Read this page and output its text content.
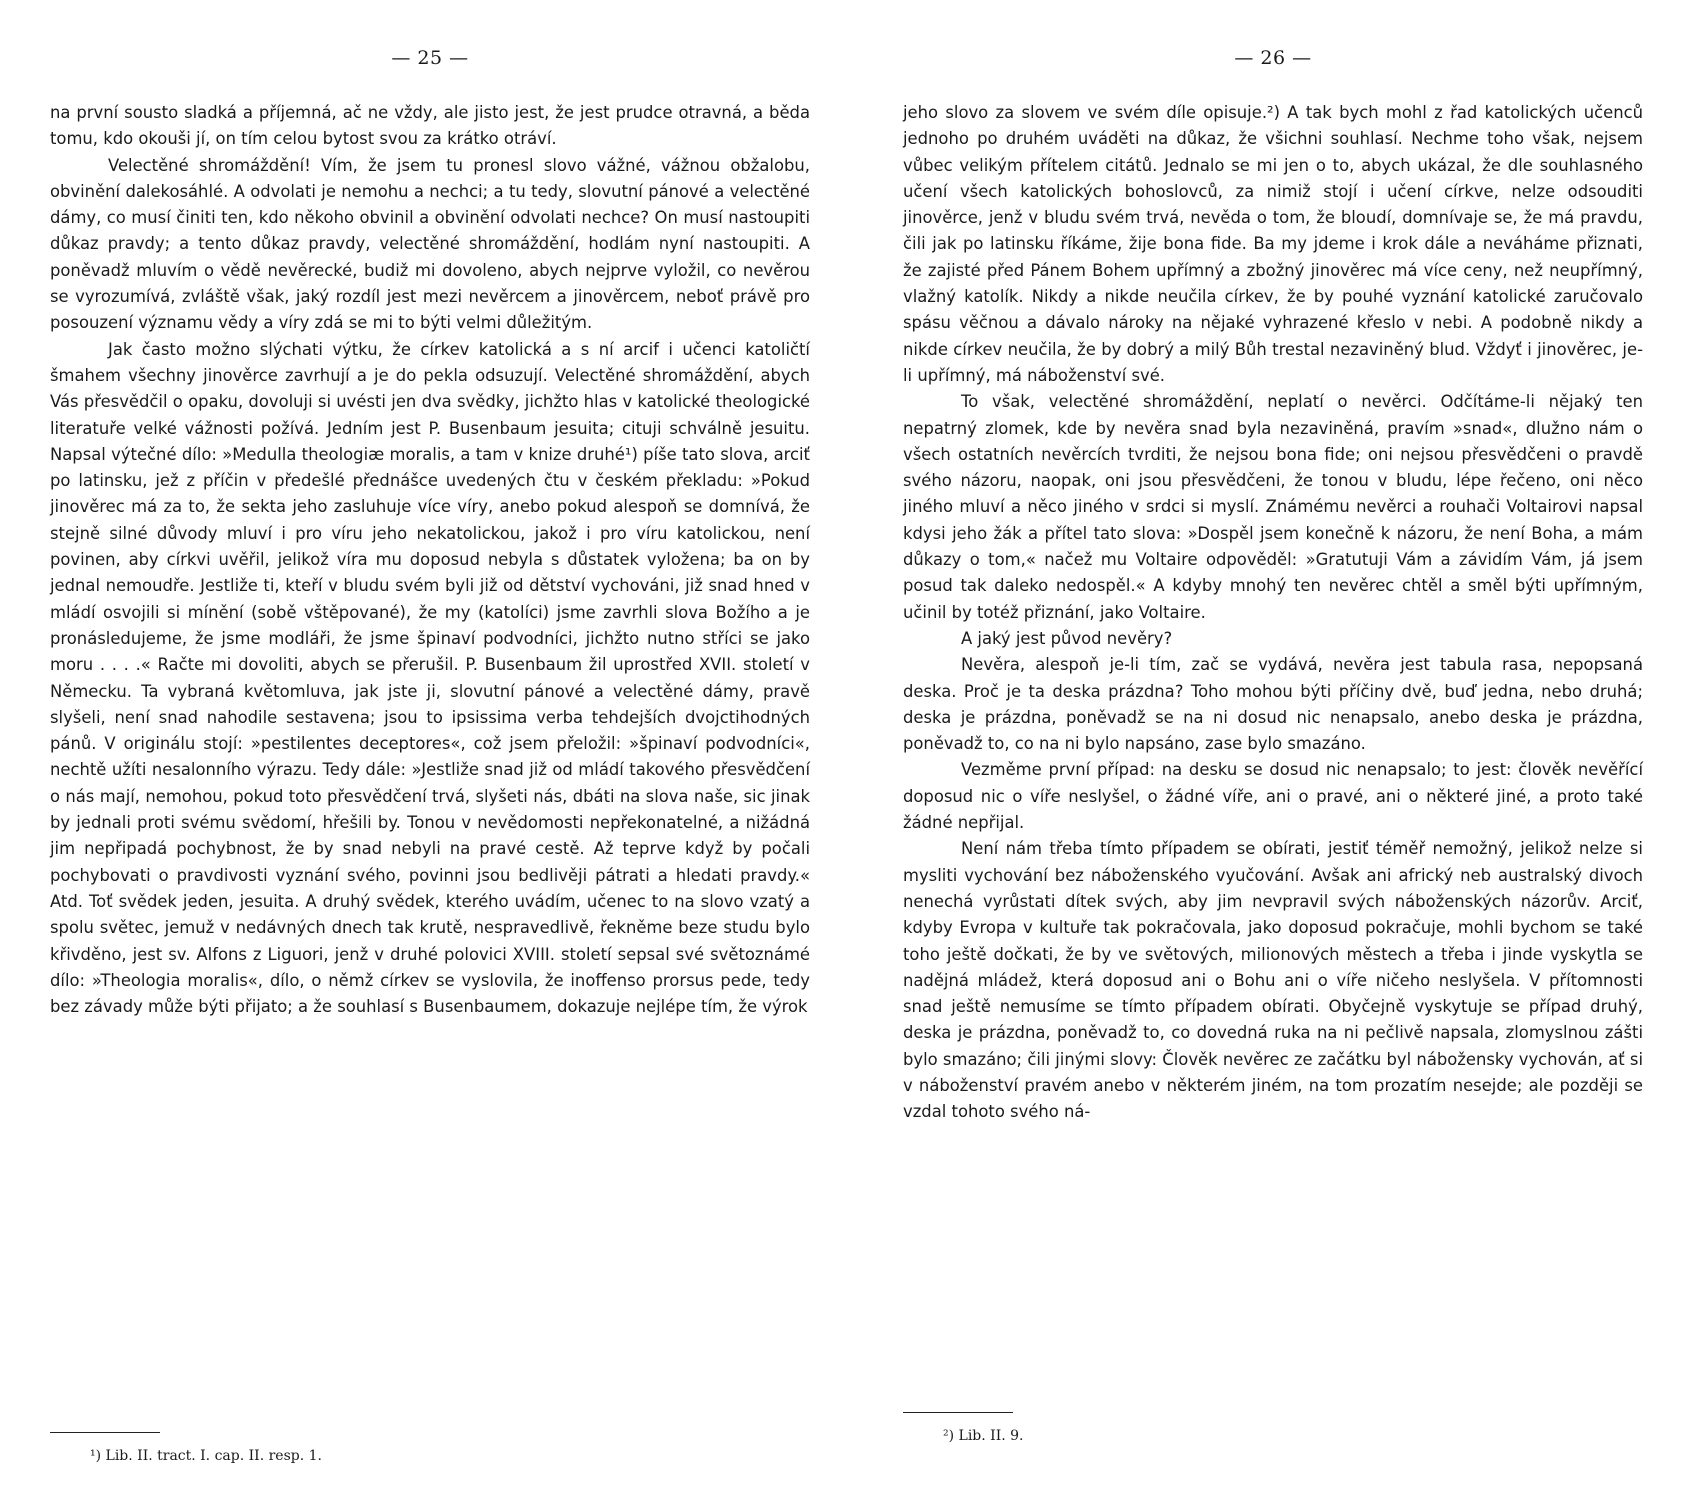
— 25 —

na první sousto sladká a příjemná, ač ne vždy, ale jisto jest, že jest prudce otravná, a běda tomu, kdo okouši jí, on tím celou bytost svou za krátko otráví.

Velectěné shromáždění! Vím, že jsem tu pronesl slovo vážné, vážnou obžalobu, obvinění dalekosáhlé. A odvolati je nemohu a nechci; a tu tedy, slovutní pánové a velectěné dámy, co musí činiti ten, kdo někoho obvinil a obvinění odvolati nechce? On musí nastoupiti důkaz pravdy; a tento důkaz pravdy, velectěné shromáždění, hodlám nyní nastoupiti. A poněvadž mluvím o vědě nevěrecké, budiž mi dovoleno, abych nejprve vyložil, co nevěrou se vyrozumívá, zvláště však, jaký rozdíl jest mezi nevěrcem a jinověrcem, neboť právě pro posouzení významu vědy a víry zdá se mi to býti velmi důležitým.

Jak často možno slýchati výtku, že církev katolická a s ní arcif i učenci katoličtí šmahem všechny jinověrce zavrhují a je do pekla odsuzují. Velectěné shromáždění, abych Vás přesvědčil o opaku, dovoluji si uvésti jen dva svědky, jichžto hlas v katolické theologické literatuře velké vážnosti požívá. Jedním jest P. Busenbaum jesuita; cituji schválně jesuitu. Napsal výtečné dílo: »Medulla theologiæ moralis, a tam v knize druhé¹) píše tato slova, arciť po latinsku, jež z příčin v předešlé přednášce uvedených čtu v českém překladu: »Pokud jinověrec má za to, že sekta jeho zasluhuje více víry, anebo pokud alespoň se domnívá, že stejně silné důvody mluví i pro víru jeho nekatolickou, jakož i pro víru katolickou, není povinen, aby církvi uvěřil, jelikož víra mu doposud nebyla s důstatek vyložena; ba on by jednal nemoudře. Jestliže ti, kteří v bludu svém byli již od dětství vychováni, již snad hned v mládí osvojili si mínění (sobě vštěpované), že my (katolíci) jsme zavrhli slova Božího a je pronásledujeme, že jsme modláři, že jsme špinaví podvodníci, jichžto nutno stříci se jako moru . . . .« Račte mi dovoliti, abych se přerušil. P. Busenbaum žil uprostřed XVII. století v Německu. Ta vybraná květomluva, jak jste ji, slovutní pánové a velectěné dámy, pravě slyšeli, není snad nahodile sestavena; jsou to ipsissima verba tehdejších dvojctihodných pánů. V originálu stojí: »pestilentes deceptores«, což jsem přeložil: »špinaví podvodníci«, nechtě užíti nesalonního výrazu. Tedy dále: »Jestliže snad již od mládí takového přesvědčení o nás mají, nemohou, pokud toto přesvědčení trvá, slyšeti nás, dbáti na slova naše, sic jinak by jednali proti svému svědomí, hřešili by. Tonou v nevědomosti nepřekonatelné, a nižádná jim nepřipadá pochybnost, že by snad nebyli na pravé cestě. Až teprve když by počali pochybovati o pravdivosti vyznání svého, povinni jsou bedlivěji pátrati a hledati pravdy.« Atd. Toť svědek jeden, jesuita. A druhý svědek, kterého uvádím, učenec to na slovo vzatý a spolu světec, jemuž v nedávných dnech tak krutě, nespravedlivě, řekněme beze studu bylo křivděno, jest sv. Alfons z Liguori, jenž v druhé polovici XVIII. století sepsal své světoznámé dílo: »Theologia moralis«, dílo, o němž církev se vyslovila, že inoffenso prorsus pede, tedy bez závady může býti přijato; a že souhlasí s Busenbaumem, dokazuje nejlépe tím, že výrok

¹) Lib. II. tract. I. cap. II. resp. 1.
— 26 —

jeho slovo za slovem ve svém díle opisuje.²) A tak bych mohl z řad katolických učenců jednoho po druhém uváděti na důkaz, že všichni souhlasí. Nechme toho však, nejsem vůbec velikým přítelem citátů. Jednalo se mi jen o to, abych ukázal, že dle souhlasného učení všech katolických bohoslovců, za nimiž stojí i učení církve, nelze odsouditi jinověrce, jenž v bludu svém trvá, nevěda o tom, že bloudí, domnívaje se, že má pravdu, čili jak po latinsku říkáme, žije bona fide. Ba my jdeme i krok dále a neváháme přiznati, že zajisté před Pánem Bohem upřímný a zbožný jinověrec má více ceny, než neupřímný, vlažný katolík. Nikdy a nikde neučila církev, že by pouhé vyznání katolické zaručovalo spásu věčnou a dávalo nároky na nějaké vyhrazené křeslo v nebi. A podobně nikdy a nikde církev neučila, že by dobrý a milý Bůh trestal nezaviněný blud. Vždyť i jinověrec, je-li upřímný, má náboženství své.

To však, velectěné shromáždění, neplatí o nevěrci. Odčítáme-li nějaký ten nepatrný zlomek, kde by nevěra snad byla nezaviněná, pravím »snad«, dlužno nám o všech ostatních nevěrcích tvrditi, že nejsou bona fide; oni nejsou přesvědčeni o pravdě svého názoru, naopak, oni jsou přesvědčeni, že tonou v bludu, lépe řečeno, oni něco jiného mluví a něco jiného v srdci si myslí. Známému nevěrci a rouhači Voltairovi napsal kdysi jeho žák a přítel tato slova: »Dospěl jsem konečně k názoru, že není Boha, a mám důkazy o tom,« načež mu Voltaire odpověděl: »Gratutuji Vám a závidím Vám, já jsem posud tak daleko nedospěl.« A kdyby mnohý ten nevěrec chtěl a směl býti upřímným, učinil by totéž přiznání, jako Voltaire.

A jaký jest původ nevěry?

Nevěra, alespoň je-li tím, zač se vydává, nevěra jest tabula rasa, nepopsaná deska. Proč je ta deska prázdna? Toho mohou býti příčiny dvě, buď jedna, nebo druhá; deska je prázdna, poněvadž se na ni dosud nic nenapsalo, anebo deska je prázdna, poněvadž to, co na ni bylo napsáno, zase bylo smazáno.

Vezměme první případ: na desku se dosud nic nenapsalo; to jest: člověk nevěřící doposud nic o víře neslyšel, o žádné víře, ani o pravé, ani o některé jiné, a proto také žádné nepřijal.

Není nám třeba tímto případem se obírati, jestiť téměř nemožný, jelikož nelze si mysliti vychování bez náboženského vyučování. Avšak ani africký neb australský divoch nenechá vyrůstati dítek svých, aby jim nevpravil svých náboženských názorův. Arciť, kdyby Evropa v kultuře tak pokračovala, jako doposud pokračuje, mohli bychom se také toho ještě dočkati, že by ve světových, milionových městech a třeba i jinde vyskytla se nadějná mládež, která doposud ani o Bohu ani o víře ničeho neslyšela. V přítomnosti snad ještě nemusíme se tímto případem obírati. Obyčejně vyskytuje se případ druhý, deska je prázdna, poněvadž to, co dovedná ruka na ni pečlivě napsala, zlomyslnou zášti bylo smazáno; čili jinými slovy: Člověk nevěrec ze začátku byl nábožensky vychován, ať si v náboženství pravém anebo v některém jiném, na tom prozatím nesejde; ale později se vzdal tohoto svého ná-

²) Lib. II. 9.
